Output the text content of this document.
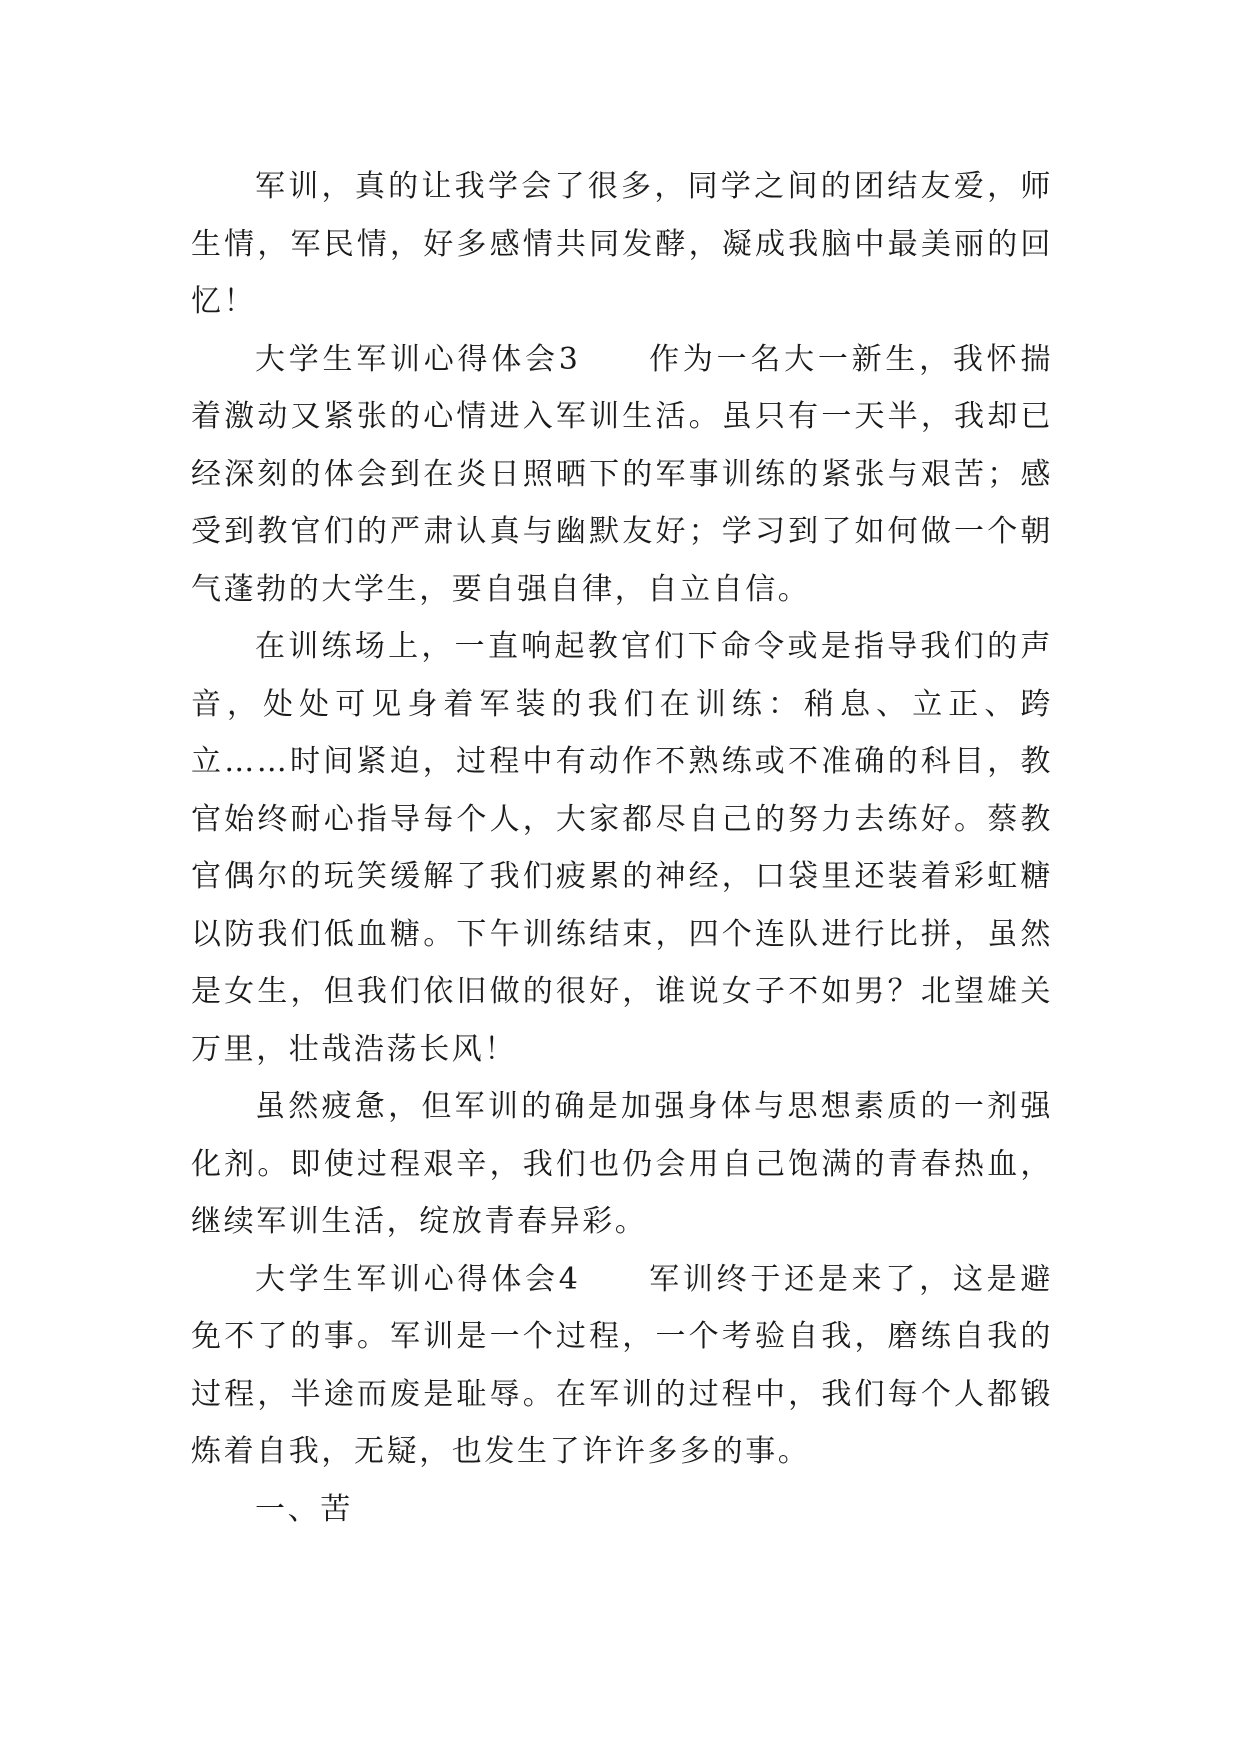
军训，真的让我学会了很多，同学之间的团结友爱，师生情，军民情，好多感情共同发酵，凝成我脑中最美丽的回忆！

大学生军训心得体会3　　作为一名大一新生，我怀揣着激动又紧张的心情进入军训生活。虽只有一天半，我却已经深刻的体会到在炎日照晒下的军事训练的紧张与艰苦；感受到教官们的严肃认真与幽默友好；学习到了如何做一个朝气蓬勃的大学生，要自强自律，自立自信。

在训练场上，一直响起教官们下命令或是指导我们的声音，处处可见身着军装的我们在训练：稍息、立正、跨立……时间紧迫，过程中有动作不熟练或不准确的科目，教官始终耐心指导每个人，大家都尽自己的努力去练好。蔡教官偶尔的玩笑缓解了我们疲累的神经，口袋里还装着彩虹糖以防我们低血糖。下午训练结束，四个连队进行比拼，虽然是女生，但我们依旧做的很好，谁说女子不如男？北望雄关万里，壮哉浩荡长风！

虽然疲惫，但军训的确是加强身体与思想素质的一剂强化剂。即使过程艰辛，我们也仍会用自己饱满的青春热血，继续军训生活，绽放青春异彩。

大学生军训心得体会4　　军训终于还是来了，这是避免不了的事。军训是一个过程，一个考验自我，磨练自我的过程，半途而废是耻辱。在军训的过程中，我们每个人都锻炼着自我，无疑，也发生了许许多多的事。

一、苦
